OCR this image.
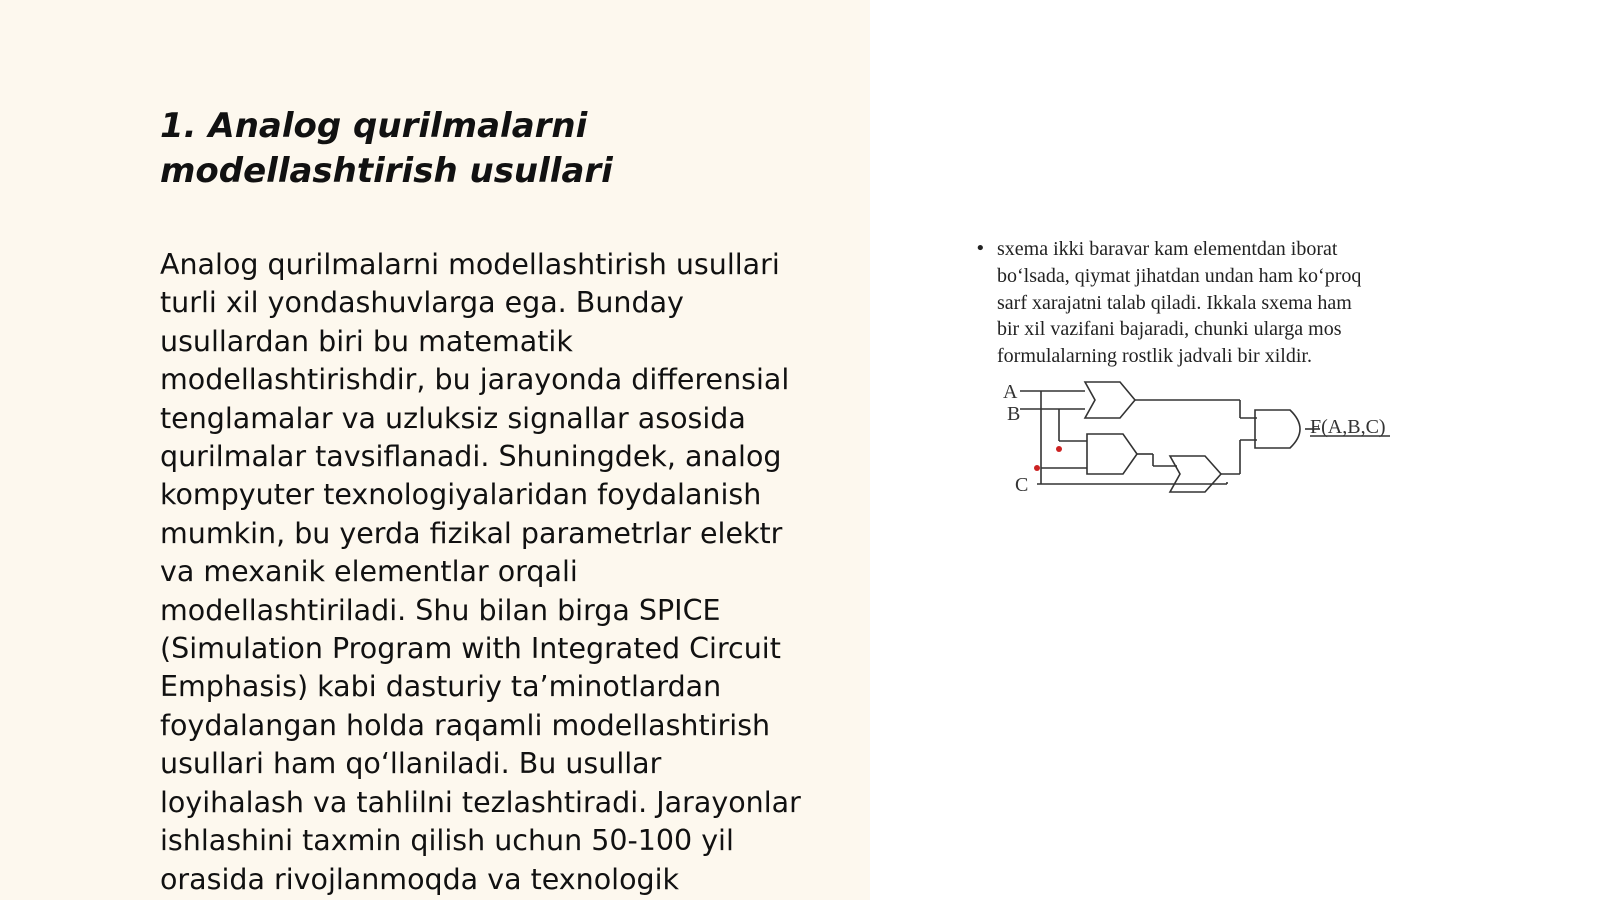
1. Analog qurilmalarni
modellashtirish usullari
Analog qurilmalarni modellashtirish usullari
turli xil yondashuvlarga ega. Bunday
usullardan biri bu matematik
modellashtirishdir, bu jarayonda differensial
tenglamalar va uzluksiz signallar asosida
qurilmalar tavsiflanadi. Shuningdek, analog
kompyuter texnologiyalaridan foydalanish
mumkin, bu yerda fizikal parametrlar elektr
va mexanik elementlar orqali
modellashtiriladi. Shu bilan birga SPICE
(Simulation Program with Integrated Circuit
Emphasis) kabi dasturiy ta’minotlardan
foydalangan holda raqamli modellashtirish
usullari ham qo‘llaniladi. Bu usullar
loyihalash va tahlilni tezlashtiradi. Jarayonlar
ishlashini taxmin qilish uchun 50-100 yil
orasida rivojlanmoqda va texnologik
• sxema ikki baravar kam elementdan iborat
bo‘lsada, qiymat jihatdan undan ham ko‘proq
sarf xarajatni talab qiladi. Ikkala sxema ham
bir xil vazifani bajaradi, chunki ularga mos
formulalarning rostlik jadvali bir xildir.
A
B
C
F(A,B,C)
